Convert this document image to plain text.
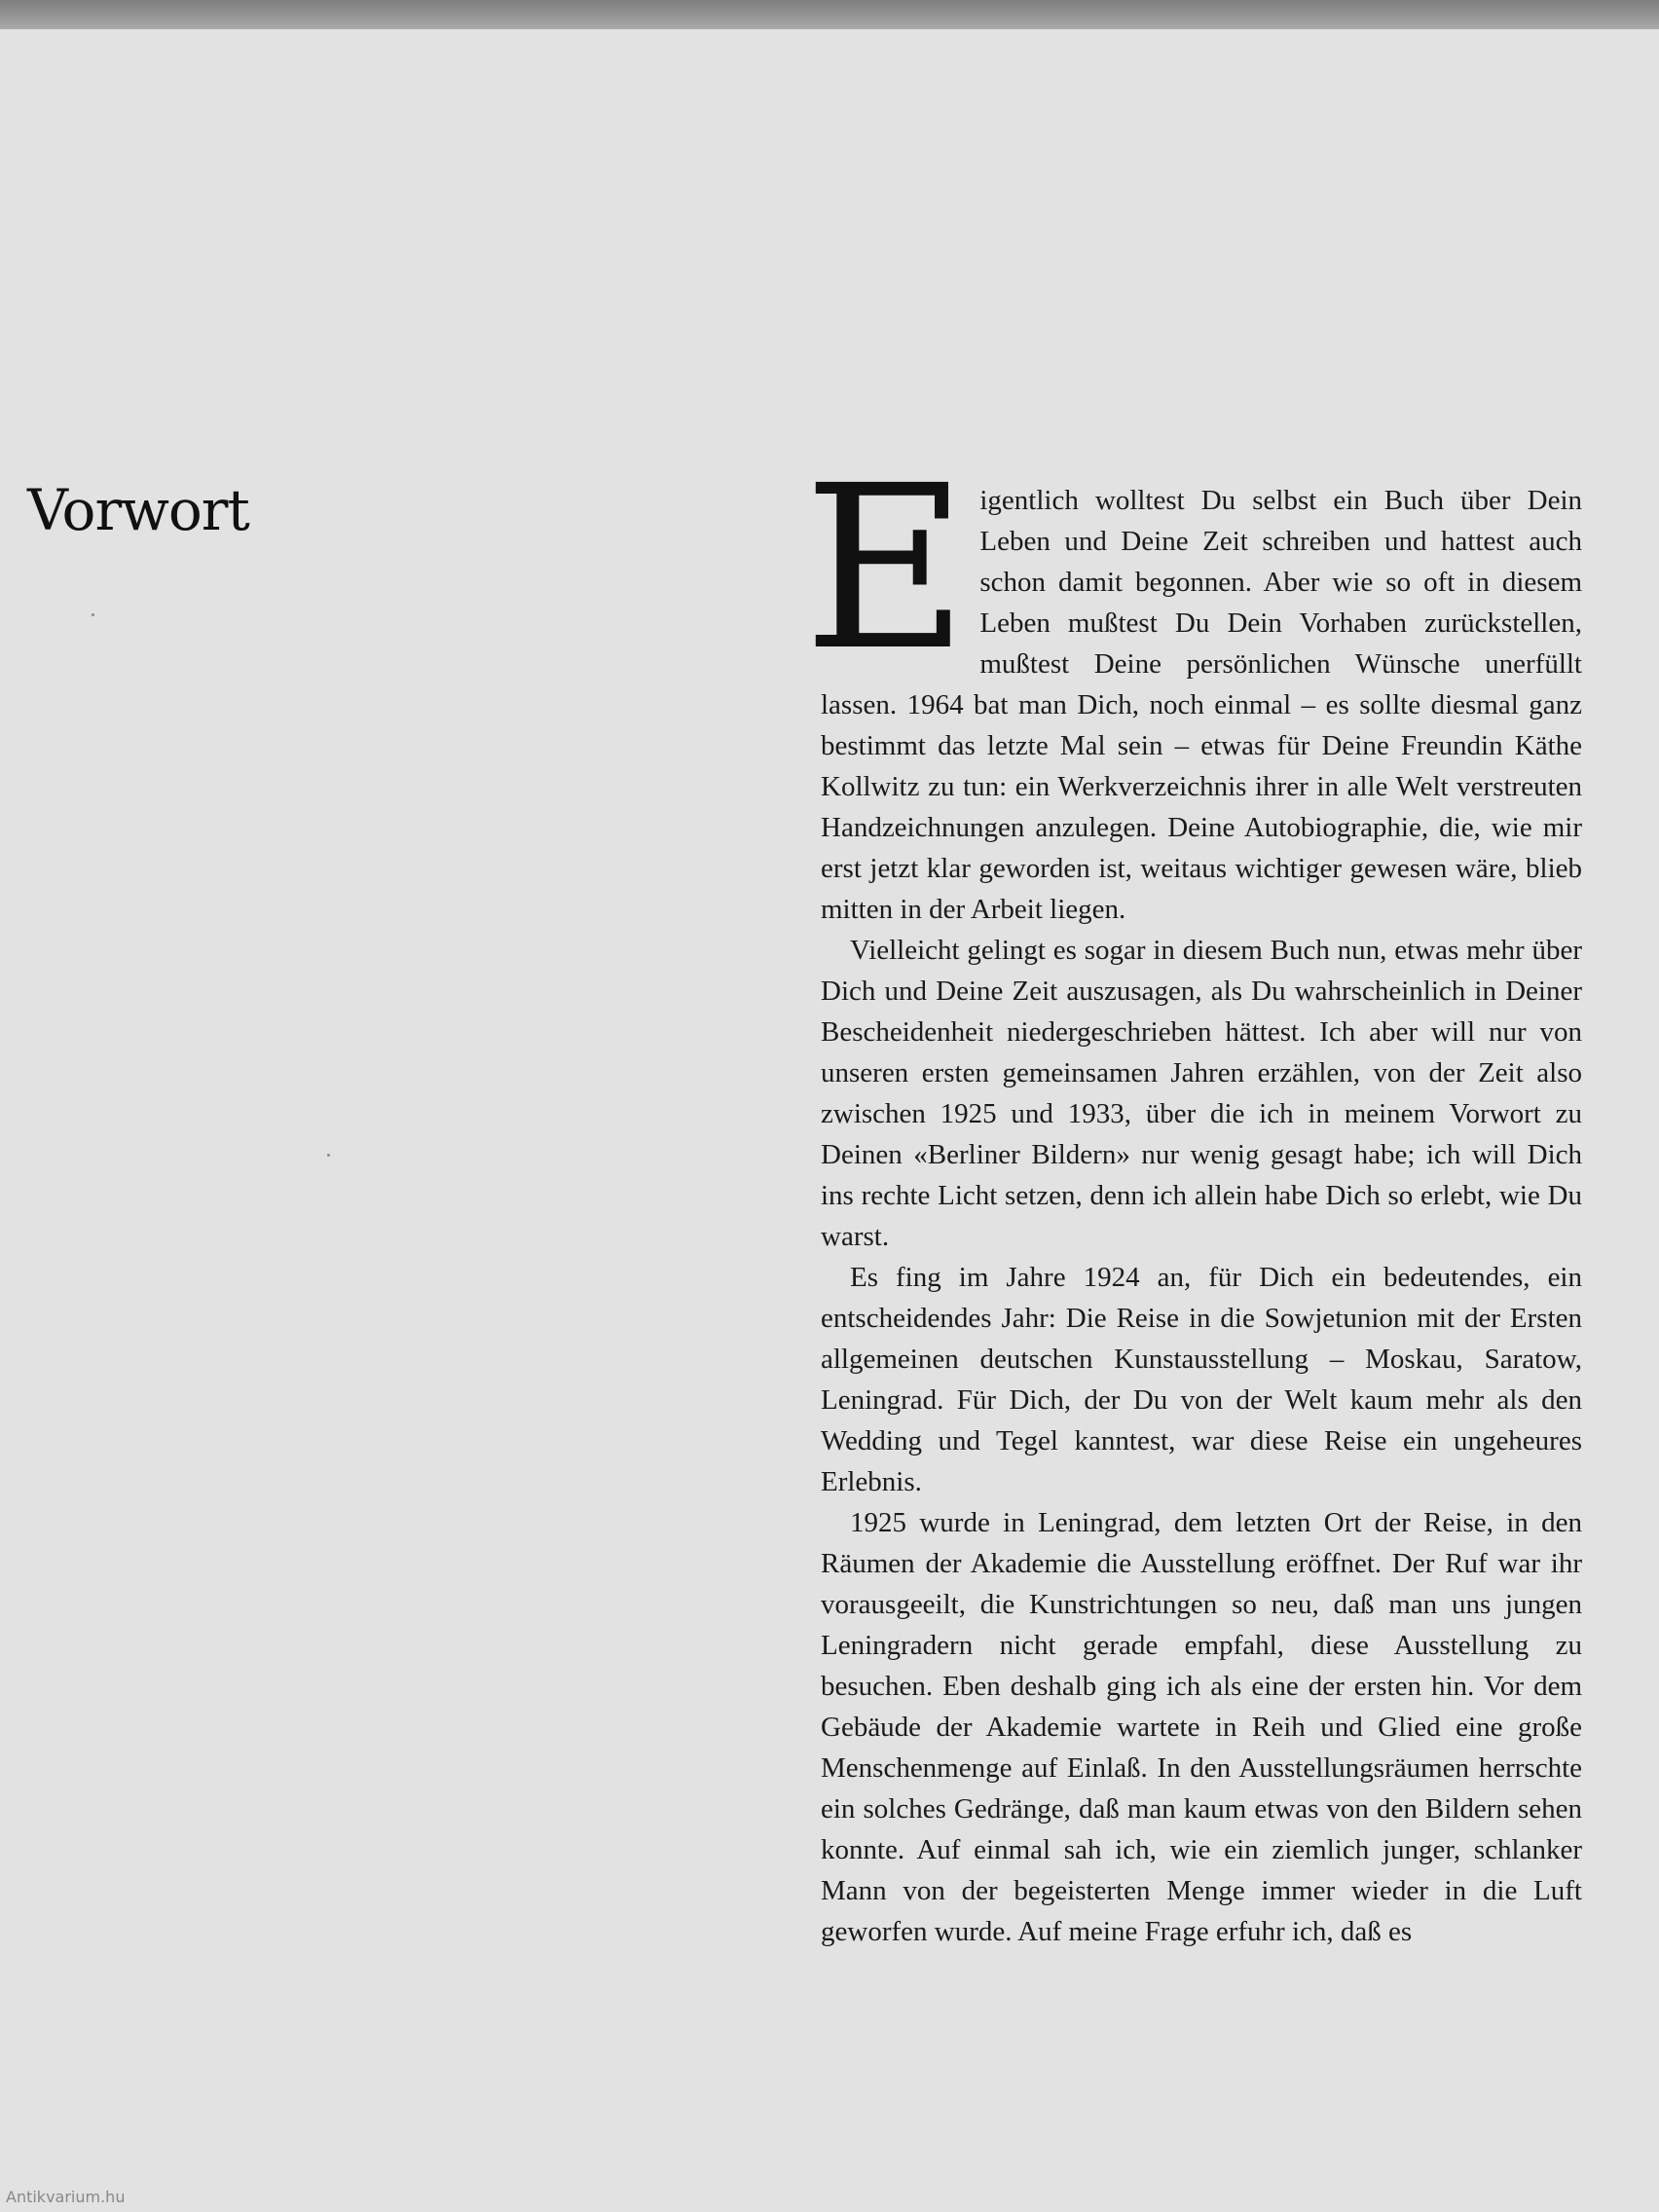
Vorwort Eigentlich wolltest Du selbst ein Buch über Dein Leben und Deine Zeit schreiben und hattest auch schon damit begonnen. Aber wie so oft in diesem Leben mußtest Du Dein Vorhaben zurückstellen, mußtest Deine persönlichen Wünsche unerfüllt lassen. 1964 bat man Dich, noch einmal – es sollte diesmal ganz bestimmt das letzte Mal sein – etwas für Deine Freundin Käthe Kollwitz zu tun: ein Werkverzeichnis ihrer in alle Welt verstreuten Handzeichnungen anzulegen. Deine Autobiographie, die, wie mir erst jetzt klar geworden ist, weitaus wichtiger gewesen wäre, blieb mitten in der Arbeit liegen.

Vielleicht gelingt es sogar in diesem Buch nun, etwas mehr über Dich und Deine Zeit auszusagen, als Du wahrscheinlich in Deiner Bescheidenheit niedergeschrieben hättest. Ich aber will nur von unseren ersten gemeinsamen Jahren erzählen, von der Zeit also zwischen 1925 und 1933, über die ich in meinem Vorwort zu Deinen «Berliner Bildern» nur wenig gesagt habe; ich will Dich ins rechte Licht setzen, denn ich allein habe Dich so erlebt, wie Du warst.

Es fing im Jahre 1924 an, für Dich ein bedeutendes, ein entscheidendes Jahr: Die Reise in die Sowjetunion mit der Ersten allgemeinen deutschen Kunstausstellung – Moskau, Saratow, Leningrad. Für Dich, der Du von der Welt kaum mehr als den Wedding und Tegel kanntest, war diese Reise ein ungeheures Erlebnis.

1925 wurde in Leningrad, dem letzten Ort der Reise, in den Räumen der Akademie die Ausstellung eröffnet. Der Ruf war ihr vorausgeeilt, die Kunstrichtungen so neu, daß man uns jungen Leningradern nicht gerade empfahl, diese Ausstellung zu besuchen. Eben deshalb ging ich als eine der ersten hin. Vor dem Gebäude der Akademie wartete in Reih und Glied eine große Menschenmenge auf Einlaß. In den Ausstellungsräumen herrschte ein solches Gedränge, daß man kaum etwas von den Bildern sehen konnte. Auf einmal sah ich, wie ein ziemlich junger, schlanker Mann von der begeisterten Menge immer wieder in die Luft geworfen wurde. Auf meine Frage erfuhr ich, daß es

Antikvarium.hu
